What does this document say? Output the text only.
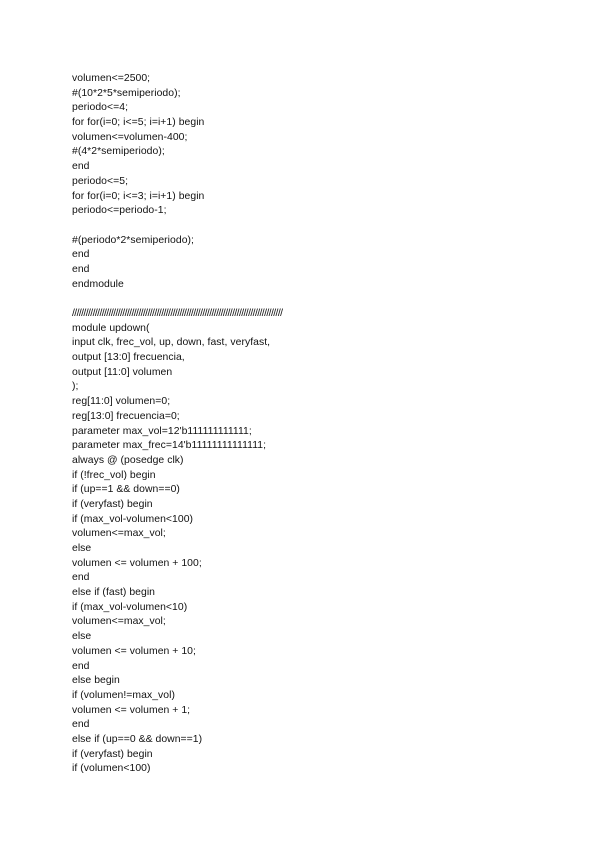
volumen<=2500;
#(10*2*5*semiperiodo);
periodo<=4;
for for(i=0; i<=5; i=i+1) begin
volumen<=volumen-400;
#(4*2*semiperiodo);
end
periodo<=5;
for for(i=0; i<=3; i=i+1) begin
periodo<=periodo-1;
#(periodo*2*semiperiodo);
end
end
endmodule
////////////////////////////////////////////////////////////////////////////////////////////
module updown(
input clk, frec_vol, up, down, fast, veryfast,
output [13:0] frecuencia,
output [11:0] volumen
);
reg[11:0] volumen=0;
reg[13:0] frecuencia=0;
parameter max_vol=12'b111111111111;
parameter max_frec=14'b11111111111111;
always @ (posedge clk)
if (!frec_vol) begin
if (up==1 && down==0)
if (veryfast) begin
if (max_vol-volumen<100)
volumen<=max_vol;
else
volumen <= volumen + 100;
end
else if (fast) begin
if (max_vol-volumen<10)
volumen<=max_vol;
else
volumen <= volumen + 10;
end
else begin
if (volumen!=max_vol)
volumen <= volumen + 1;
end
else if (up==0 && down==1)
if (veryfast) begin
if (volumen<100)
